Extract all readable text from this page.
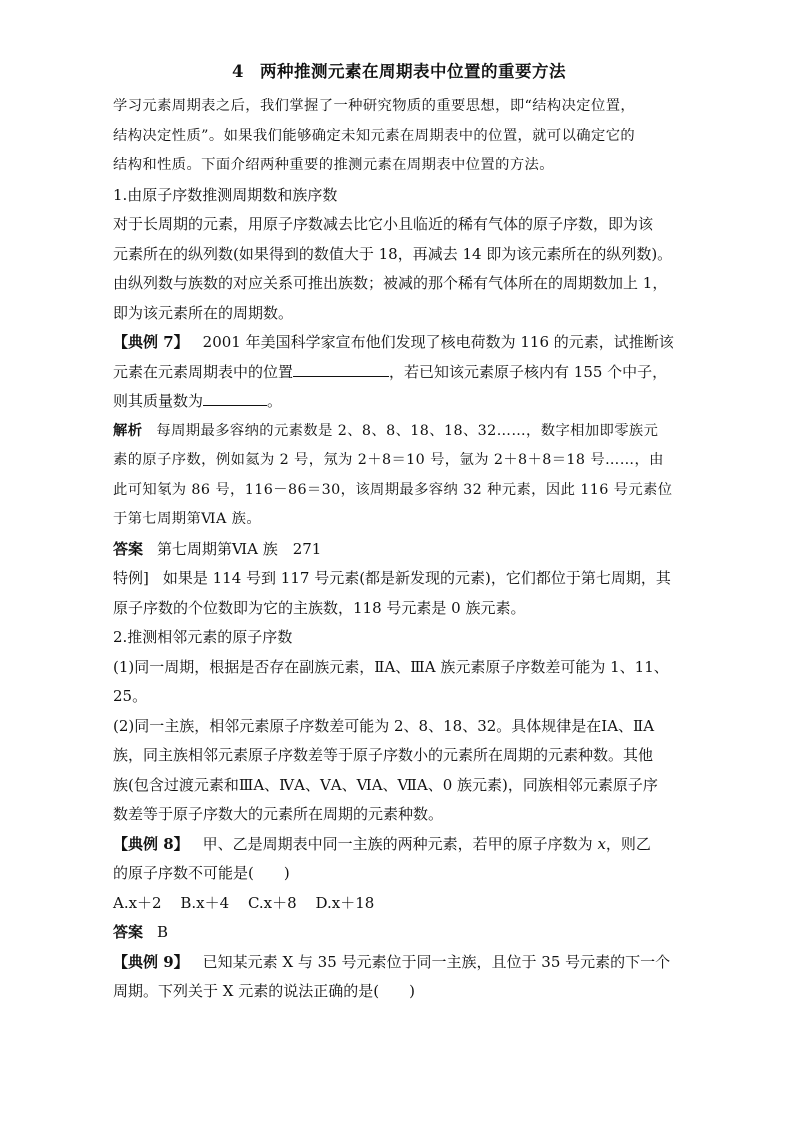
4 两种推测元素在周期表中位置的重要方法

学习元素周期表之后，我们掌握了一种研究物质的重要思想，即“结构决定位置，

结构决定性质”。如果我们能够确定未知元素在周期表中的位置，就可以确定它的

结构和性质。下面介绍两种重要的推测元素在周期表中位置的方法。

1.由原子序数推测周期数和族序数

对于长周期的元素，用原子序数减去比它小且临近的稀有气体的原子序数，即为该

元素所在的纵列数(如果得到的数值大于 18，再减去 14 即为该元素所在的纵列数)。

由纵列数与族数的对应关系可推出族数；被减的那个稀有气体所在的周期数加上 1，

即为该元素所在的周期数。

【典例 7】 2001 年美国科学家宣布他们发现了核电荷数为 116 的元素，试推断该

元素在元素周期表中的位置	，若已知该元素原子核内有 155 个中子，

则其质量数为	。

解析 每周期最多容纳的元素数是 2、8、8、18、18、32……，数字相加即零族元

素的原子序数，例如氦为 2 号，氖为 2＋8＝10 号，氩为 2＋8＋8＝18 号……，由

此可知氡为 86 号，116－86＝30，该周期最多容纳 32 种元素，因此 116 号元素位

于第七周期第ⅥA 族。

答案 第七周期第ⅥA 族　271

特例] 如果是 114 号到 117 号元素(都是新发现的元素)，它们都位于第七周期，其

原子序数的个位数即为它的主族数，118 号元素是 0 族元素。

2.推测相邻元素的原子序数

(1)同一周期，根据是否存在副族元素，ⅡA、ⅢA 族元素原子序数差可能为 1、11、

25。

(2)同一主族，相邻元素原子序数差可能为 2、8、18、32。具体规律是在ⅠA、ⅡA

族，同主族相邻元素原子序数差等于原子序数小的元素所在周期的元素种数。其他

族(包含过渡元素和ⅢA、ⅣA、ⅤA、ⅥA、ⅦA、0 族元素)，同族相邻元素原子序

数差等于原子序数大的元素所在周期的元素种数。

【典例 8】 甲、乙是周期表中同一主族的两种元素，若甲的原子序数为 x，则乙

的原子序数不可能是( )

A.x＋2 B.x＋4 C.x＋8 D.x＋18

答案 B

【典例 9】 已知某元素 X 与 35 号元素位于同一主族，且位于 35 号元素的下一个

周期。下列关于 X 元素的说法正确的是( )
